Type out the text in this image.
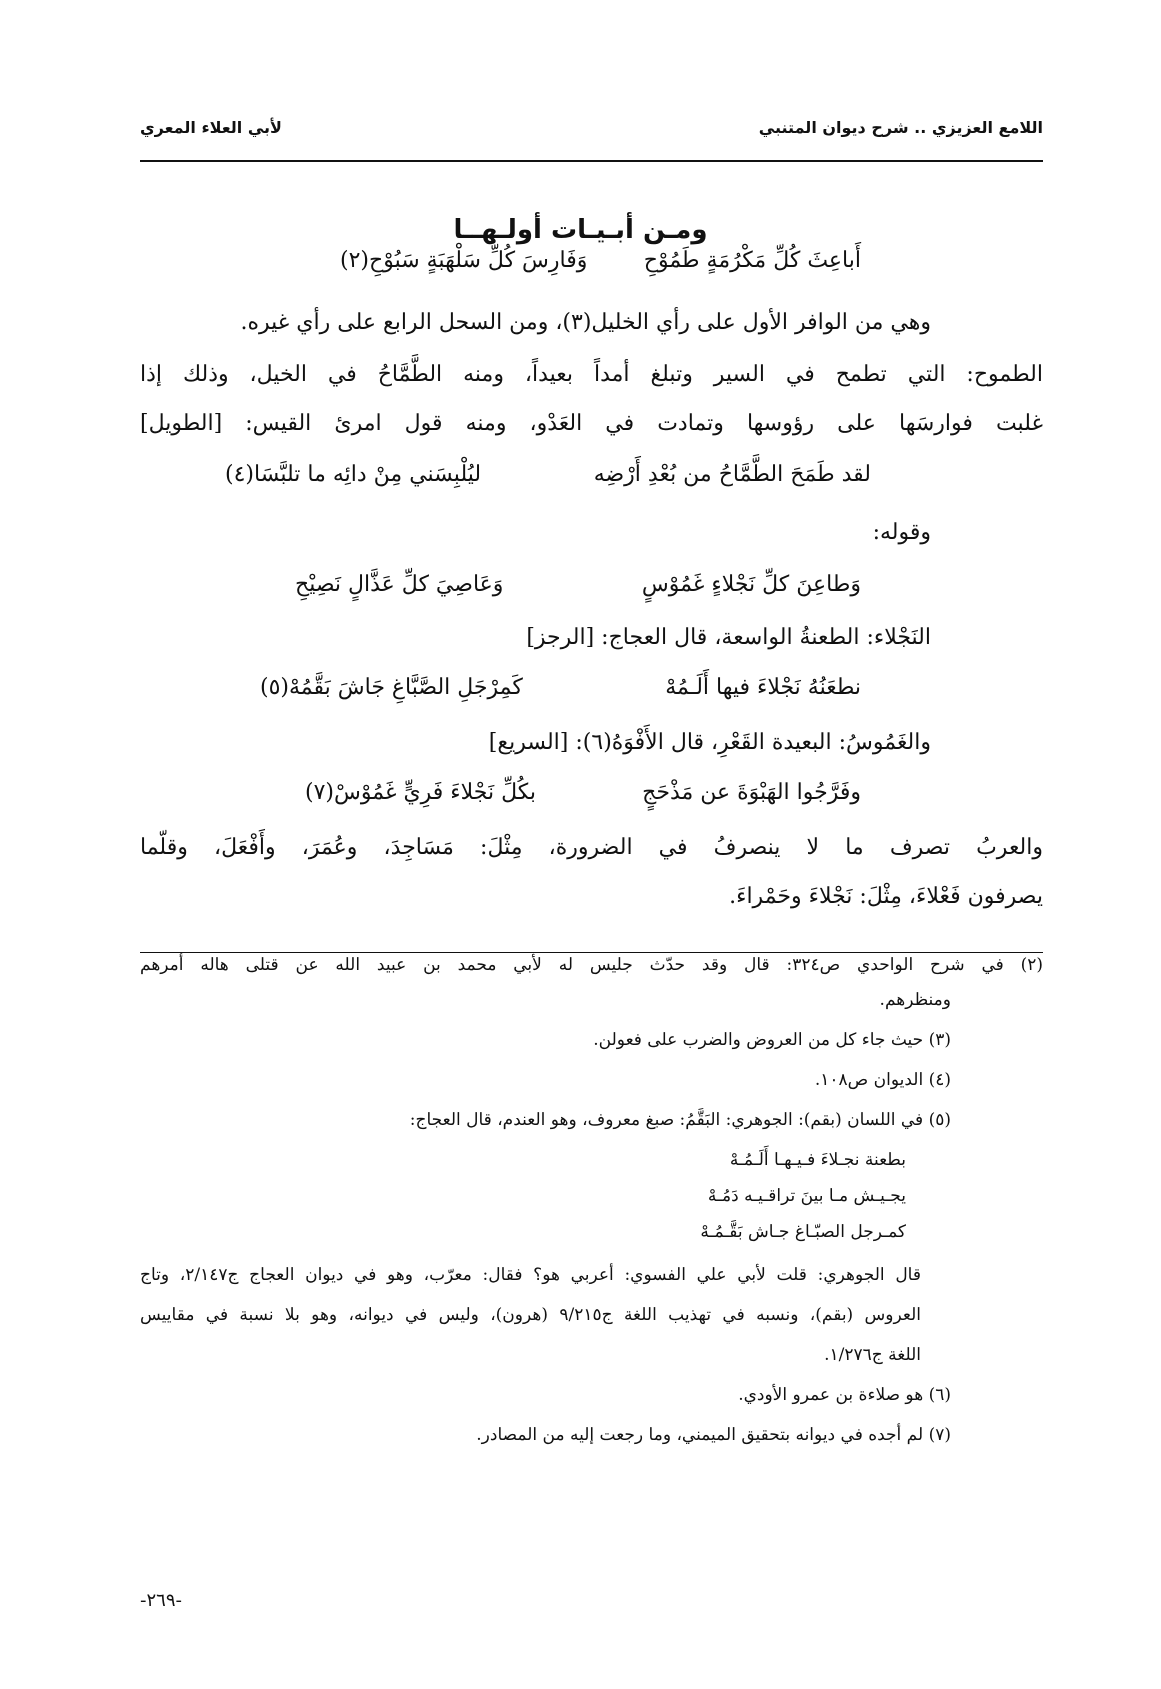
اللامع العزيزي .. شرح ديوان المتنبي
لأبي العلاء المعري
ومـن أبـيـات أولـهــا
أَباعِثَ كُلِّ مَكْرُمَةٍ طَمُوْحِ
وَفَارِسَ كُلِّ سَلْهَبَةٍ سَبُوْحِ(٢)
وهي من الوافر الأول على رأي الخليل(٣)، ومن السحل الرابع على رأي غيره.
الطموح: التي تطمح في السير وتبلغ أمداً بعيداً، ومنه الطَّمَّاحُ في الخيل، وذلك إذا
غلبت فوارسَها على رؤوسها وتمادت في العَدْو، ومنه قول امرئ القيس: [الطويل]
لقد طَمَحَ الطَّمَّاحُ من بُعْدِ أَرْضِه
ليُلْبِسَني مِنْ دائِه ما تلبَّسَا(٤)
وقوله:
وَطاعِنَ كلِّ نَجْلاءٍ غَمُوْسٍ
وَعَاصِيَ كلِّ عَذَّالٍ نَصِيْحِ
النَجْلاء: الطعنةُ الواسعة، قال العجاج: [الرجز]
نطعَنُهُ نَجْلاءَ فيها أَلَـمُهْ
كَمِرْجَلِ الصَّبَّاغِ جَاشَ بَقَّمُهْ(٥)
والغَمُوسُ: البعيدة القَعْرِ، قال الأَفْوَهُ(٦): [السريع]
وفَرَّجُوا الهَبْوَةَ عن مَذْحَجٍ
بكُلِّ نَجْلاءَ فَرِيٍّ غَمُوْسْ(٧)
والعربُ تصرف ما لا ينصرفُ في الضرورة، مِثْلَ: مَسَاجِدَ، وعُمَرَ، وأَفْعَلَ، وقلّما
يصرفون فَعْلاءَ، مِثْلَ: نَجْلاءَ وحَمْراءَ.
(٢) في شرح الواحدي ص٣٢٤: قال وقد حدّث جليس له لأبي محمد بن عبيد الله عن قتلى هاله أمرهم
ومنظرهم.
(٣) حيث جاء كل من العروض والضرب على فعولن.
(٤) الديوان ص١٠٨.
(٥) في اللسان (بقم): الجوهري: البَقَّمُ: صبغ معروف، وهو العندم، قال العجاج:
بطعنة نجـلاءَ فـيـهـا أَلَـمُـهْ
يجـيـش مـا بينَ تراقـيـه دَمُـهْ
كمـرجل الصبّـاغ جـاش بَقَّـمُـهْ
قال الجوهري: قلت لأبي علي الفسوي: أعربي هو؟ فقال: معرّب، وهو في ديوان العجاج ج٢/١٤٧، وتاج
العروس (بقم)، ونسبه في تهذيب اللغة ج٩/٢١٥ (هرون)، وليس في ديوانه، وهو بلا نسبة في مقاييس
اللغة ج١/٢٧٦.
(٦) هو صلاءة بن عمرو الأودي.
(٧) لم أجده في ديوانه بتحقيق الميمني، وما رجعت إليه من المصادر.
-٢٦٩-
